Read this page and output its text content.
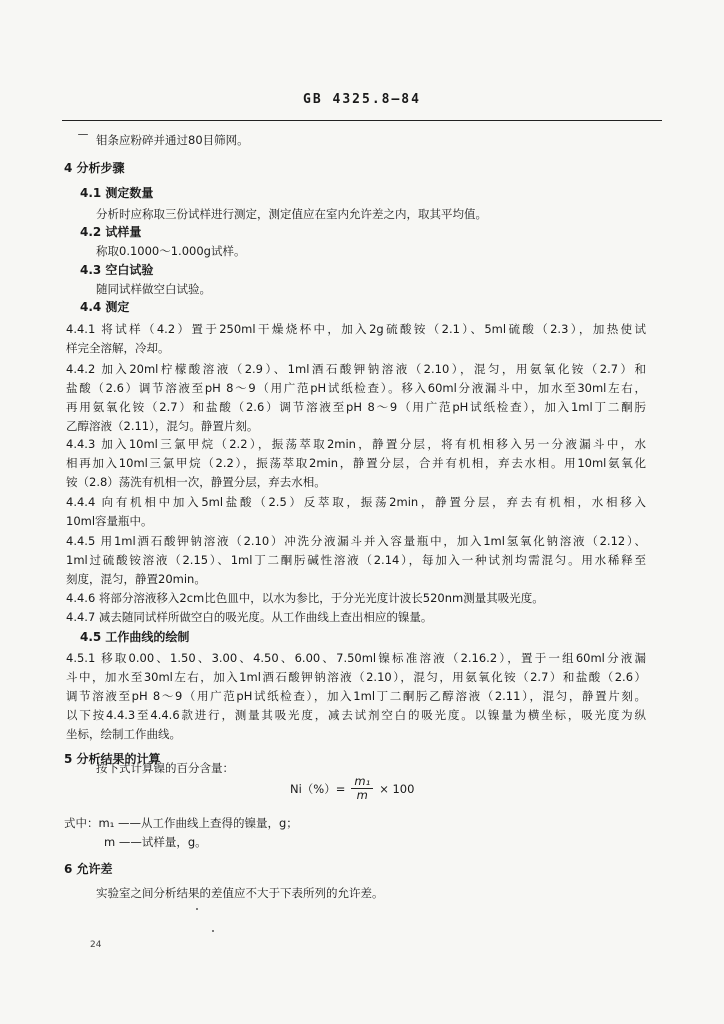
GB 4325.8—84
钼条应粉碎并通过80目筛网。
4 分析步骤
4.1 测定数量
分析时应称取三份试样进行测定，测定值应在室内允许差之内，取其平均值。
4.2 试样量
称取0.1000～1.000g试样。
4.3 空白试验
随同试样做空白试验。
4.4 测定
4.4.1 将试样（4.2）置于250ml干燥烧杯中，加入2g硫酸铵（2.1）、5ml硫酸（2.3），加热使试
样完全溶解，冷却。
4.4.2 加入20ml柠檬酸溶液（2.9）、1ml酒石酸钾钠溶液（2.10），混匀，用氨氧化铵（2.7）和
盐酸（2.6）调节溶液至pH 8～9（用广范pH试纸检查）。移入60ml分液漏斗中，加水至30ml左右，
再用氨氧化铵（2.7）和盐酸（2.6）调节溶液至pH 8～9（用广范pH试纸检查），加入1ml丁二酮肟
乙醇溶液（2.11），混匀。静置片刻。
4.4.3 加入10ml三氯甲烷（2.2），振荡萃取2min，静置分层，将有机相移入另一分液漏斗中，水
相再加入10ml三氯甲烷（2.2），振荡萃取2min，静置分层，合并有机相，弃去水相。用10ml氨氧化
铵（2.8）荡洗有机相一次，静置分层，弃去水相。
4.4.4 向有机相中加入5ml盐酸（2.5）反萃取，振荡2min，静置分层，弃去有机相，水相移入
10ml容量瓶中。
4.4.5 用1ml酒石酸钾钠溶液（2.10）冲洗分液漏斗并入容量瓶中，加入1ml氢氧化钠溶液（2.12）、
1ml过硫酸铵溶液（2.15）、1ml丁二酮肟碱性溶液（2.14），每加入一种试剂均需混匀。用水稀释至
刻度，混匀，静置20min。
4.4.6 将部分溶液移入2cm比色皿中，以水为参比，于分光光度计波长520nm测量其吸光度。
4.4.7 减去随同试样所做空白的吸光度。从工作曲线上查出相应的镍量。
4.5 工作曲线的绘制
4.5.1 移取0.00、1.50、3.00、4.50、6.00、7.50ml镍标准溶液（2.16.2），置于一组60ml分液漏
斗中，加水至30ml左右，加入1ml酒石酸钾钠溶液（2.10），混匀，用氨氧化铵（2.7）和盐酸（2.6）
调节溶液至pH 8～9（用广范pH试纸检查），加入1ml丁二酮肟乙醇溶液（2.11），混匀，静置片刻。
以下按4.4.3至4.4.6款进行，测量其吸光度，减去试剂空白的吸光度。以镍量为横坐标，吸光度为纵
坐标，绘制工作曲线。
5 分析结果的计算
按下式计算镍的百分含量：
$Ni(\%)= \frac{\text{m₁}}{m} \times 100$
式中：m₁ ——从工作曲线上查得的镍量，g；
m ——试样量，g。
6 允许差
实验室之间分析结果的差值应不大于下表所列的允许差。
24
